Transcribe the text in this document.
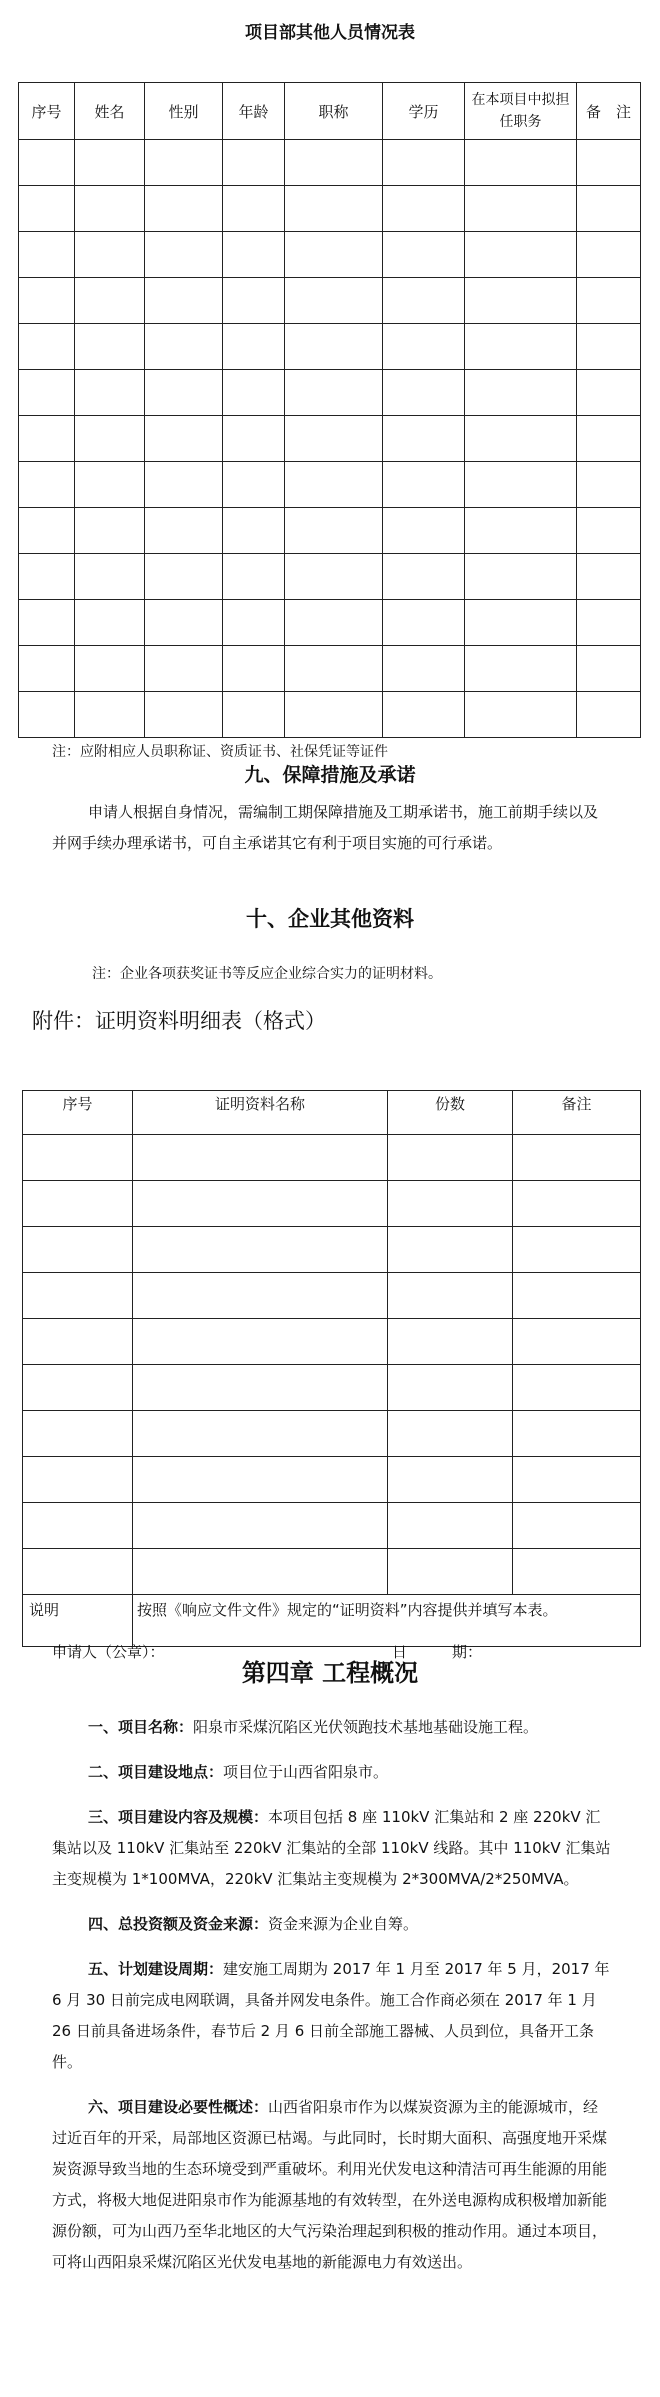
项目部其他人员情况表
序号	姓名	性别	年龄	职称	学历	在本项目中拟担任职务	备　注

注：应附相应人员职称证、资质证书、社保凭证等证件
九、保障措施及承诺
申请人根据自身情况，需编制工期保障措施及工期承诺书，施工前期手续以及并网手续办理承诺书，可自主承诺其它有利于项目实施的可行承诺。
十、企业其他资料
注：企业各项获奖证书等反应企业综合实力的证明材料。
附件：证明资料明细表（格式）
序号	证明资料名称	份数	备注

说明	按照《响应文件文件》规定的“证明资料”内容提供并填写本表。		
申请人（公章）：	日　　　期：
第四章 工程概况
一、项目名称：阳泉市采煤沉陷区光伏领跑技术基地基础设施工程。
二、项目建设地点：项目位于山西省阳泉市。
三、项目建设内容及规模：本项目包括 8 座 110kV 汇集站和 2 座 220kV 汇集站以及 110kV 汇集站至 220kV 汇集站的全部 110kV 线路。其中 110kV 汇集站主变规模为 1*100MVA，220kV 汇集站主变规模为 2*300MVA/2*250MVA。
四、总投资额及资金来源：资金来源为企业自筹。
五、计划建设周期：建安施工周期为 2017 年 1 月至 2017 年 5 月，2017 年 6 月 30 日前完成电网联调，具备并网发电条件。施工合作商必须在 2017 年 1 月 26 日前具备进场条件，春节后 2 月 6 日前全部施工器械、人员到位，具备开工条件。
六、项目建设必要性概述：山西省阳泉市作为以煤炭资源为主的能源城市，经过近百年的开采，局部地区资源已枯竭。与此同时，长时期大面积、高强度地开采煤炭资源导致当地的生态环境受到严重破坏。利用光伏发电这种清洁可再生能源的用能方式，将极大地促进阳泉市作为能源基地的有效转型，在外送电源构成积极增加新能源份额，可为山西乃至华北地区的大气污染治理起到积极的推动作用。通过本项目，可将山西阳泉采煤沉陷区光伏发电基地的新能源电力有效送出。
